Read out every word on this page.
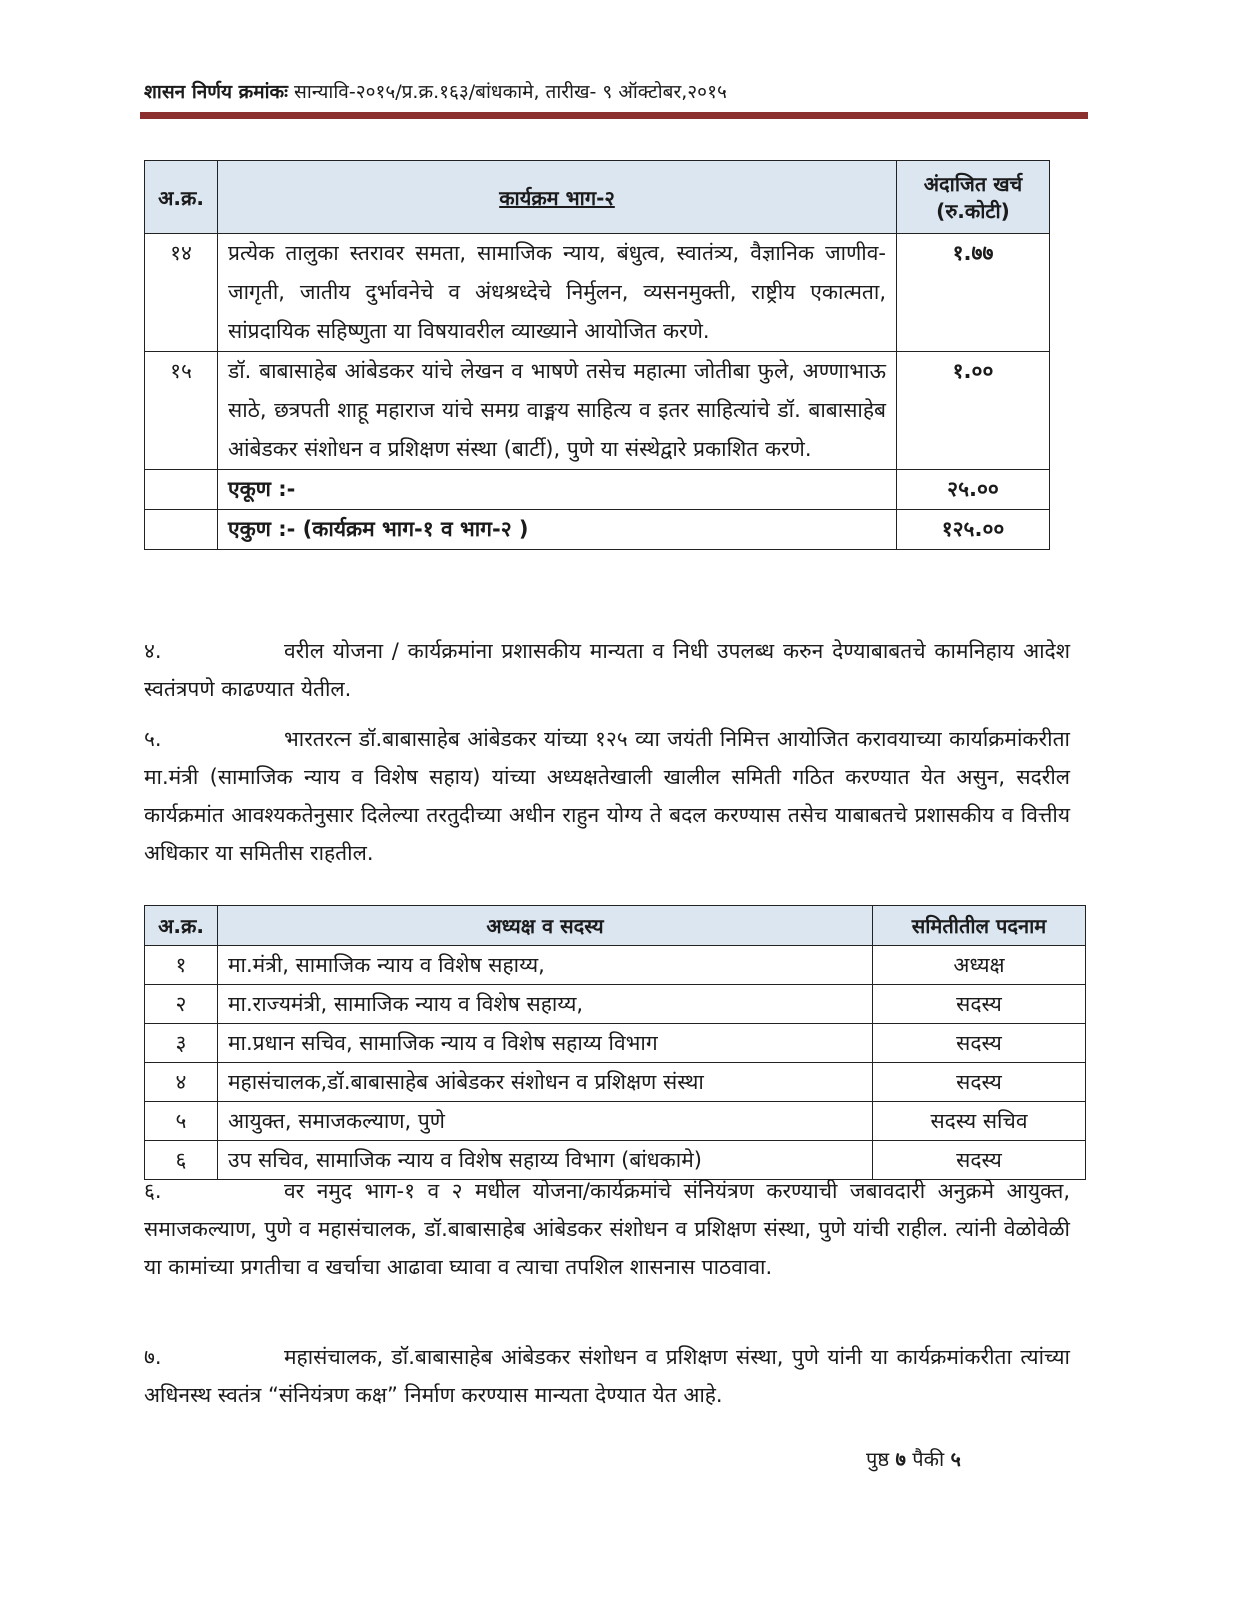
शासन निर्णय क्रमांकः सान्यावि-२०१५/प्र.क्र.१६३/बांधकामे, तारीख- ९ ऑक्टोबर,२०१५
अ.क्र.	कार्यक्रम भाग-२	अंदाजित खर्च
(रु.कोटी)

१४	प्रत्येक तालुका स्तरावर समता, सामाजिक न्याय, बंधुत्व, स्वातंत्र्य, वैज्ञानिक जाणीव-जागृती, जातीय दुर्भावनेचे व अंधश्रध्देचे निर्मुलन, व्यसनमुक्ती, राष्ट्रीय एकात्मता, सांप्रदायिक सहिष्णुता या विषयावरील व्याख्याने आयोजित करणे.	१.७७
१५	डॉ. बाबासाहेब आंबेडकर यांचे लेखन व भाषणे तसेच महात्मा जोतीबा फुले, अण्णाभाऊ साठे, छत्रपती शाहू महाराज यांचे समग्र वाङ्मय साहित्य व इतर साहित्यांचे डॉ. बाबासाहेब आंबेडकर संशोधन व प्रशिक्षण संस्था (बार्टी), पुणे या संस्थेद्वारे प्रकाशित करणे.	१.००
	एकूण :-	२५.००
	एकुण :- (कार्यक्रम भाग-१ व भाग-२ )	१२५.००
४.	वरील योजना / कार्यक्रमांना प्रशासकीय मान्यता व निधी उपलब्ध करुन देण्याबाबतचे कामनिहाय आदेश स्वतंत्रपणे काढण्यात येतील.
५.	भारतरत्न डॉ.बाबासाहेब आंबेडकर यांच्या १२५ व्या जयंती निमित्त आयोजित करावयाच्या कार्याक्रमांकरीता मा.मंत्री (सामाजिक न्याय व विशेष सहाय) यांच्या अध्यक्षतेखाली खालील समिती गठित करण्यात येत असुन, सदरील कार्यक्रमांत आवश्यकतेनुसार दिलेल्या तरतुदीच्या अधीन राहुन योग्य ते बदल करण्यास तसेच याबाबतचे प्रशासकीय व वित्तीय अधिकार या समितीस राहतील.
अ.क्र.	अध्यक्ष व सदस्य	समितीतील पदनाम
१	मा.मंत्री, सामाजिक न्याय व विशेष सहाय्य,	अध्यक्ष
२	मा.राज्यमंत्री, सामाजिक न्याय व विशेष सहाय्य,	सदस्य
३	मा.प्रधान सचिव, सामाजिक न्याय व विशेष सहाय्य विभाग	सदस्य
४	महासंचालक,डॉ.बाबासाहेब आंबेडकर संशोधन व प्रशिक्षण संस्था	सदस्य
५	आयुक्त, समाजकल्याण, पुणे	सदस्य सचिव
६	उप सचिव, सामाजिक न्याय व विशेष सहाय्य विभाग (बांधकामे)	सदस्य
६.	वर नमुद भाग-१ व २ मधील योजना/कार्यक्रमांचे संनियंत्रण करण्याची जबावदारी अनुक्रमे आयुक्त, समाजकल्याण, पुणे व महासंचालक, डॉ.बाबासाहेब आंबेडकर संशोधन व प्रशिक्षण संस्था, पुणे यांची राहील. त्यांनी वेळोवेळी या कामांच्या प्रगतीचा व खर्चाचा आढावा घ्यावा व त्याचा तपशिल शासनास पाठवावा.
७.	महासंचालक, डॉ.बाबासाहेब आंबेडकर संशोधन व प्रशिक्षण संस्था, पुणे यांनी या कार्यक्रमांकरीता त्यांच्या अधिनस्थ स्वतंत्र “संनियंत्रण कक्ष” निर्माण करण्यास मान्यता देण्यात येत आहे.
पुष्ठ ७ पैकी ५
